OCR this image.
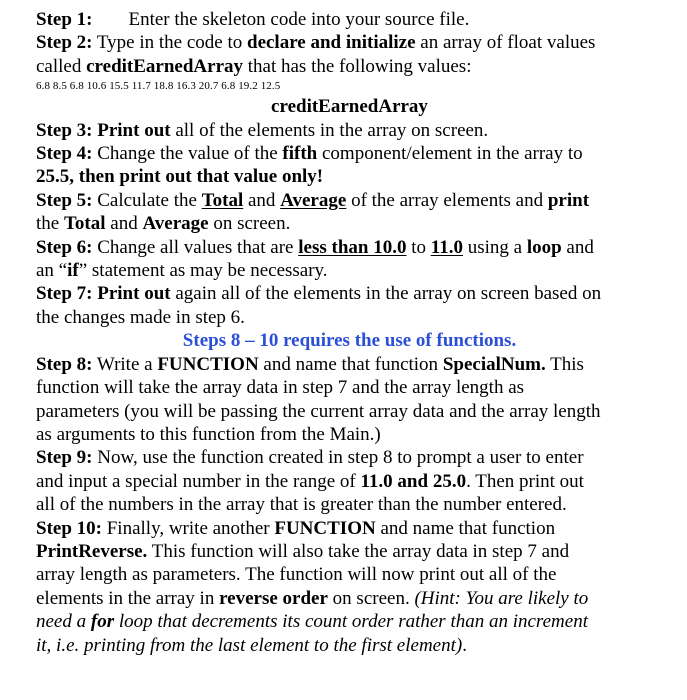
Step 1: Enter the skeleton code into your source file.
Step 2: Type in the code to declare and initialize an array of float values
called creditEarnedArray that has the following values:
6.8 8.5 6.8 10.6 15.5 11.7 18.8 16.3 20.7 6.8 19.2 12.5
creditEarnedArray
Step 3: Print out all of the elements in the array on screen.
Step 4: Change the value of the fifth component/element in the array to
25.5, then print out that value only!
Step 5: Calculate the Total and Average of the array elements and print
the Total and Average on screen.
Step 6: Change all values that are less than 10.0 to 11.0 using a loop and
an “if” statement as may be necessary.
Step 7: Print out again all of the elements in the array on screen based on
the changes made in step 6.
Steps 8 – 10 requires the use of functions.
Step 8: Write a FUNCTION and name that function SpecialNum. This
function will take the array data in step 7 and the array length as
parameters (you will be passing the current array data and the array length
as arguments to this function from the Main.)
Step 9: Now, use the function created in step 8 to prompt a user to enter
and input a special number in the range of 11.0 and 25.0. Then print out
all of the numbers in the array that is greater than the number entered.
Step 10: Finally, write another FUNCTION and name that function
PrintReverse. This function will also take the array data in step 7 and
array length as parameters. The function will now print out all of the
elements in the array in reverse order on screen. (Hint: You are likely to
need a for loop that decrements its count order rather than an increment
it, i.e. printing from the last element to the first element).
